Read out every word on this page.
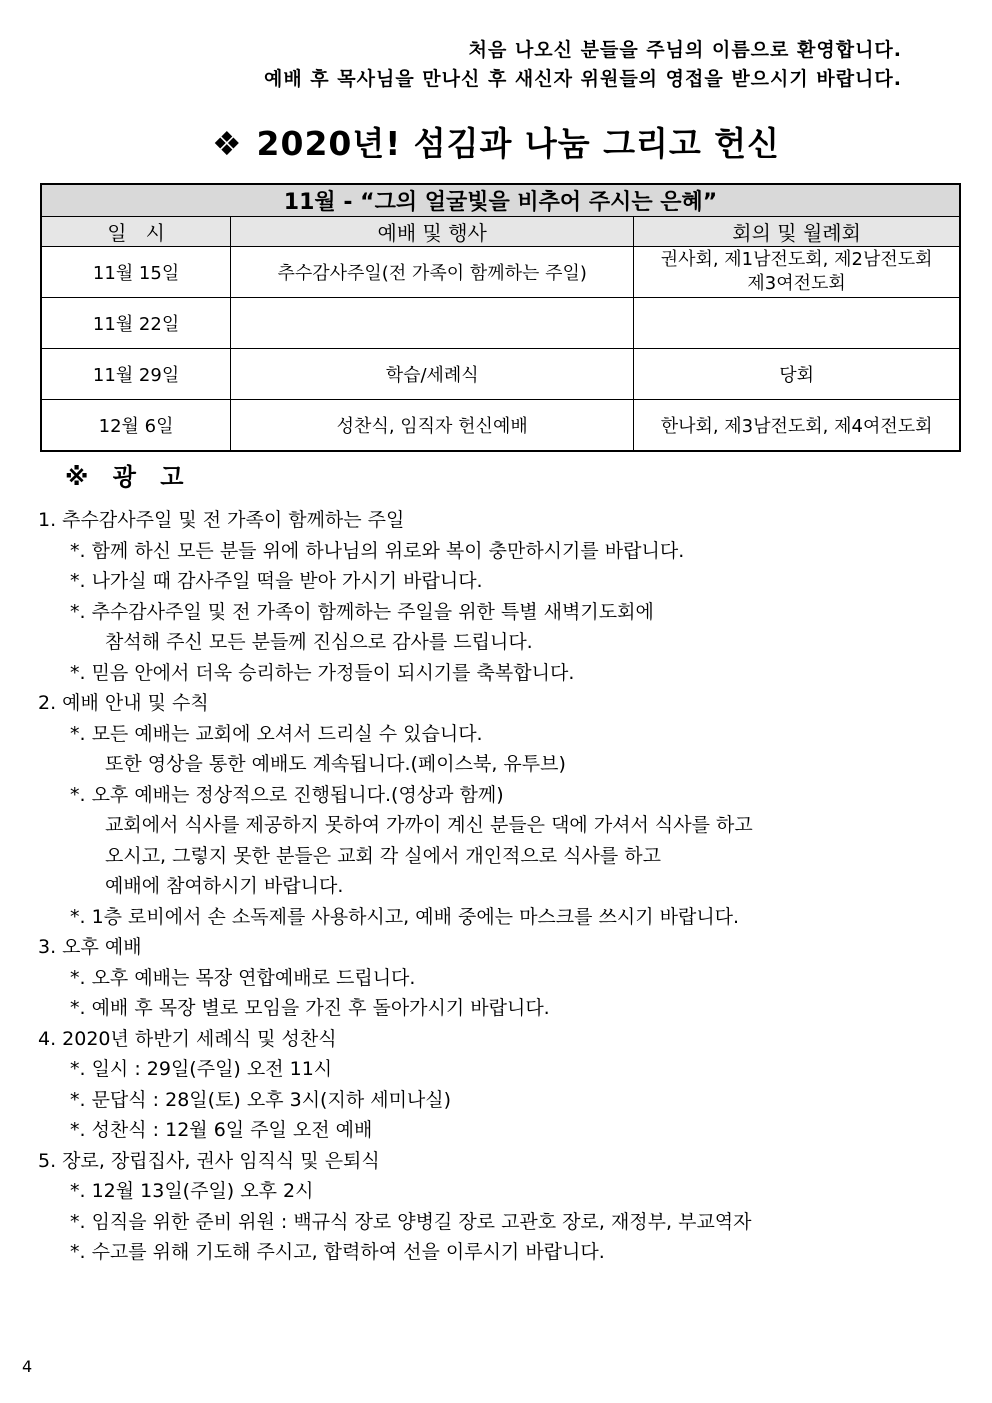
처음 나오신 분들을 주님의 이름으로 환영합니다.
예배 후 목사님을 만나신 후 새신자 위원들의 영접을 받으시기 바랍니다.
❖ 2020년! 섬김과 나눔 그리고 헌신
11월 - “그의 얼굴빛을 비추어 주시는 은혜”		
일   시	예배 및 행사	회의 및 월례회
11월 15일	추수감사주일(전 가족이 함께하는 주일)	권사회, 제1남전도회, 제2남전도회
제3여전도회

11월 22일		
11월 29일	학습/세례식	당회
12월 6일	성찬식, 임직자 헌신예배	한나회, 제3남전도회, 제4여전도회
※ 광 고
1. 추수감사주일 및 전 가족이 함께하는 주일
*. 함께 하신 모든 분들 위에 하나님의 위로와 복이 충만하시기를 바랍니다.
*. 나가실 때 감사주일 떡을 받아 가시기 바랍니다.
*. 추수감사주일 및 전 가족이 함께하는 주일을 위한 특별 새벽기도회에
참석해 주신 모든 분들께 진심으로 감사를 드립니다.
*. 믿음 안에서 더욱 승리하는 가정들이 되시기를 축복합니다.
2. 예배 안내 및 수칙
*. 모든 예배는 교회에 오셔서 드리실 수 있습니다.
또한 영상을 통한 예배도 계속됩니다.(페이스북, 유투브)
*. 오후 예배는 정상적으로 진행됩니다.(영상과 함께)
교회에서 식사를 제공하지 못하여 가까이 계신 분들은 댁에 가셔서 식사를 하고
오시고, 그렇지 못한 분들은 교회 각 실에서 개인적으로 식사를 하고
예배에 참여하시기 바랍니다.
*. 1층 로비에서 손 소독제를 사용하시고, 예배 중에는 마스크를 쓰시기 바랍니다.
3. 오후 예배
*. 오후 예배는 목장 연합예배로 드립니다.
*. 예배 후 목장 별로 모임을 가진 후 돌아가시기 바랍니다.
4. 2020년 하반기 세례식 및 성찬식
*. 일시 : 29일(주일) 오전 11시
*. 문답식 : 28일(토) 오후 3시(지하 세미나실)
*. 성찬식 : 12월 6일 주일 오전 예배
5. 장로, 장립집사, 권사 임직식 및 은퇴식
*. 12월 13일(주일) 오후 2시
*. 임직을 위한 준비 위원 : 백규식 장로 양병길 장로 고관호 장로, 재정부, 부교역자
*. 수고를 위해 기도해 주시고, 합력하여 선을 이루시기 바랍니다.
4
